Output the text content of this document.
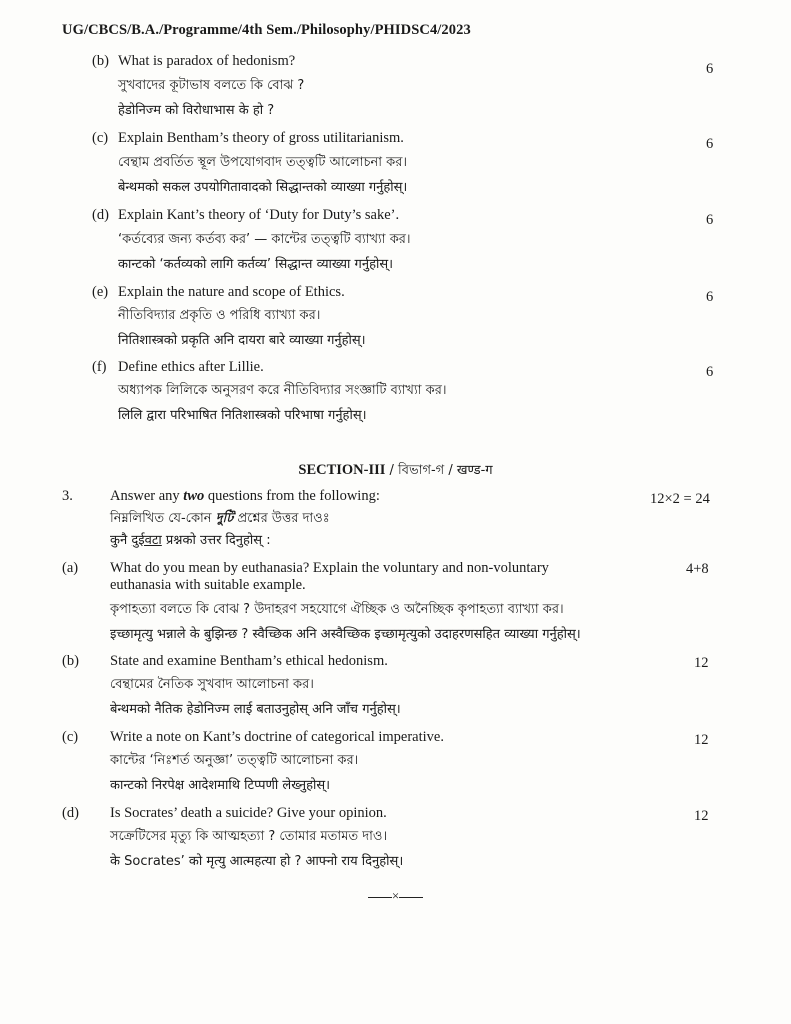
UG/CBCS/B.A./Programme/4th Sem./Philosophy/PHIDSC4/2023
(b) What is paradox of hedonism?
সুখবাদের কূটাভাষ বলতে কি বোঝ ?
हेडोनिज्म को विरोधाभास के हो ?
6
(c) Explain Bentham’s theory of gross utilitarianism.
বেন্থাম প্রবর্তিত স্থূল উপযোগবাদ তত্ত্বটি আলোচনা কর।
बेन्थमको सकल उपयोगितावादको सिद्धान्तको व्याख्या गर्नुहोस्।
6
(d) Explain Kant’s theory of ‘Duty for Duty’s sake’.
‘কর্তব্যের জন্য কর্তব্য কর’ — কান্টের তত্ত্বটি ব্যাখ্যা কর।
कान्टको ‘कर्तव्यको लागि कर्तव्य’ सिद्धान्त व्याख्या गर्नुहोस्।
6
(e) Explain the nature and scope of Ethics.
নীতিবিদ্যার প্রকৃতি ও পরিধি ব্যাখ্যা কর।
नितिशास्त्रको प्रकृति अनि दायरा बारे व्याख्या गर्नुहोस्।
6
(f) Define ethics after Lillie.
অধ্যাপক লিলিকে অনুসরণ করে নীতিবিদ্যার সংজ্ঞাটি ব্যাখ্যা কর।
लिलि द्वारा परिभाषित नितिशास्त्रको परिभाषा गर्नुहोस्।
6
SECTION-III / বিভাগ-গ / खण्ड-ग
3.	Answer any two questions from the following:
নিম্নলিখিত যে-কোন দুটি প্রশ্নের উত্তর দাওঃ
कुनै दुईवटा प्रश्नको उत्तर दिनुहोस् :
12×2 = 24
(a) What do you mean by euthanasia? Explain the voluntary and non-voluntary
euthanasia with suitable example.
কৃপাহত্যা বলতে কি বোঝ ? উদাহরণ সহযোগে ঐচ্ছিক ও অনৈচ্ছিক কৃপাহত্যা ব্যাখ্যা কর।
इच्छामृत्यु भन्नाले के बुझिन्छ ? स्वैच्छिक अनि अस्वैच्छिक इच्छामृत्युको उदाहरणसहित व्याख्या गर्नुहोस्।
4+8
(b) State and examine Bentham’s ethical hedonism.
বেন্থামের নৈতিক সুখবাদ আলোচনা কর।
बेन्थमको नैतिक हेडोनिज्म लाई बताउनुहोस् अनि जाँच गर्नुहोस्।
12
(c) Write a note on Kant’s doctrine of categorical imperative.
কান্টের ‘নিঃশর্ত অনুজ্ঞা’ তত্ত্বটি আলোচনা কর।
कान्टको निरपेक्ष आदेशमाथि टिप्पणी लेख्नुहोस्।
12
(d) Is Socrates’ death a suicide? Give your opinion.
সক্রেটিসের মৃত্যু কি আত্মহত্যা ? তোমার মতামত দাও।
के Socrates’ को मृत्यु आत्महत्या हो ? आफ्नो राय दिनुहोस्।
12
×
